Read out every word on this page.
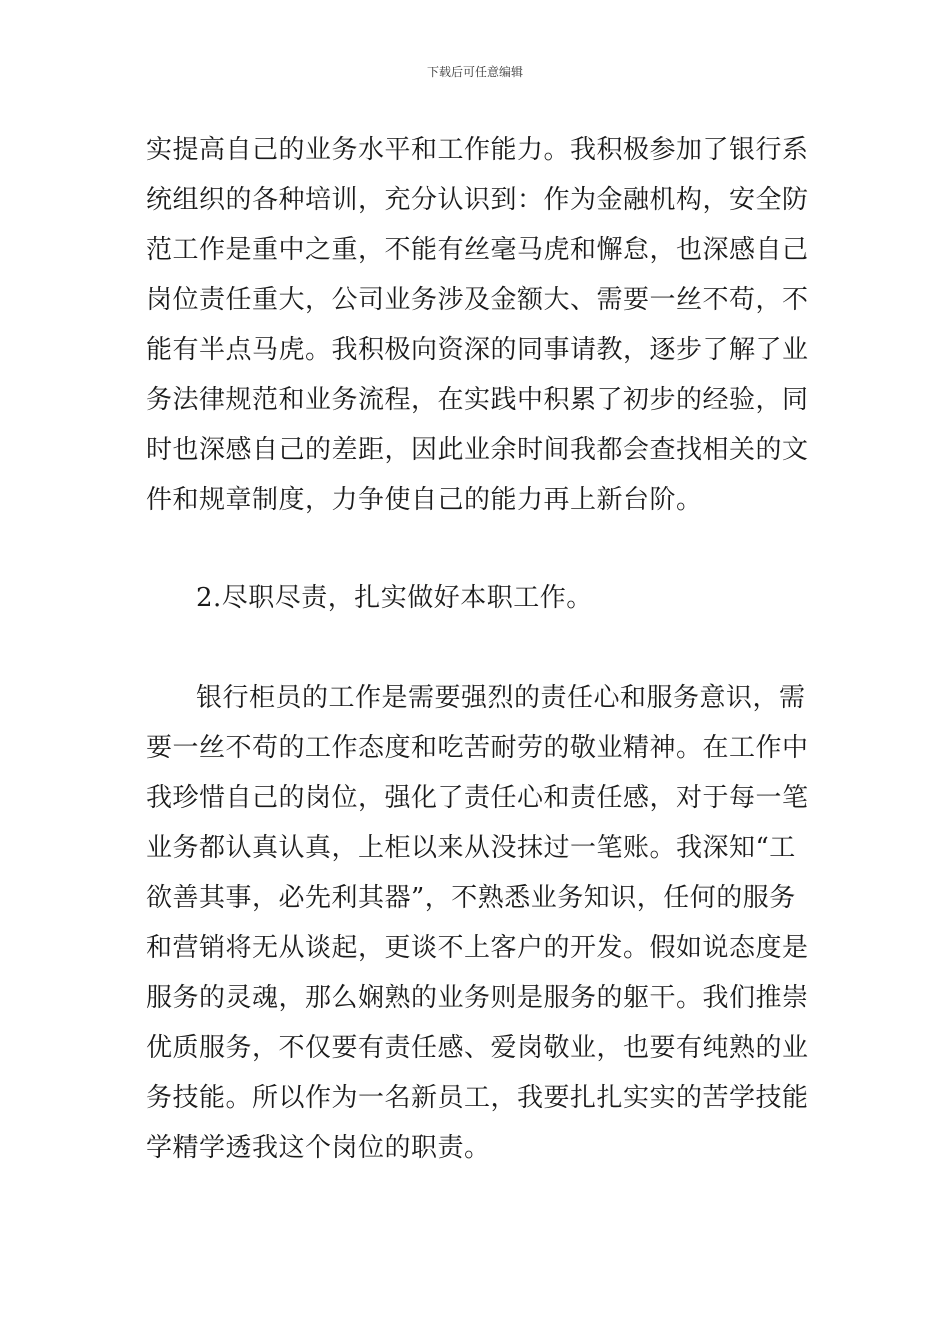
下载后可任意编辑
实提高自己的业务水平和工作能力。我积极参加了银行系
统组织的各种培训，充分认识到：作为金融机构，安全防
范工作是重中之重，不能有丝毫马虎和懈怠，也深感自己
岗位责任重大，公司业务涉及金额大、需要一丝不苟，不
能有半点马虎。我积极向资深的同事请教，逐步了解了业
务法律规范和业务流程，在实践中积累了初步的经验，同
时也深感自己的差距，因此业余时间我都会查找相关的文
件和规章制度，力争使自己的能力再上新台阶。
2.尽职尽责，扎实做好本职工作。
银行柜员的工作是需要强烈的责任心和服务意识，需
要一丝不苟的工作态度和吃苦耐劳的敬业精神。在工作中
我珍惜自己的岗位，强化了责任心和责任感，对于每一笔
业务都认真认真，上柜以来从没抹过一笔账。我深知“工
欲善其事，必先利其器”，不熟悉业务知识，任何的服务
和营销将无从谈起，更谈不上客户的开发。假如说态度是
服务的灵魂，那么娴熟的业务则是服务的躯干。我们推崇
优质服务，不仅要有责任感、爱岗敬业，也要有纯熟的业
务技能。所以作为一名新员工，我要扎扎实实的苦学技能
学精学透我这个岗位的职责。
